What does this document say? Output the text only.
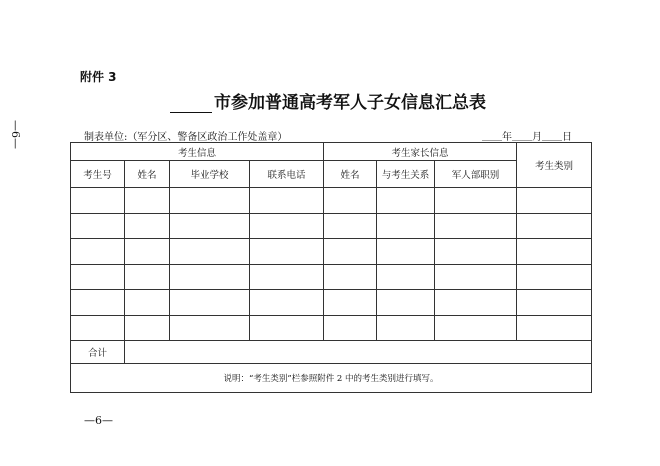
附件 3
市参加普通高考军人子女信息汇总表
—6—	制表单位:（军分区、警备区政治工作处盖章）	＿＿年＿＿月＿＿日
考生信息				考生家长信息			考生类别
考生号	姓名	毕业学校	联系电话	姓名	与考生关系	军人部职别	

合计							
说明：“考生类别”栏参照附件 2 中的考生类别进行填写。							
—6—
